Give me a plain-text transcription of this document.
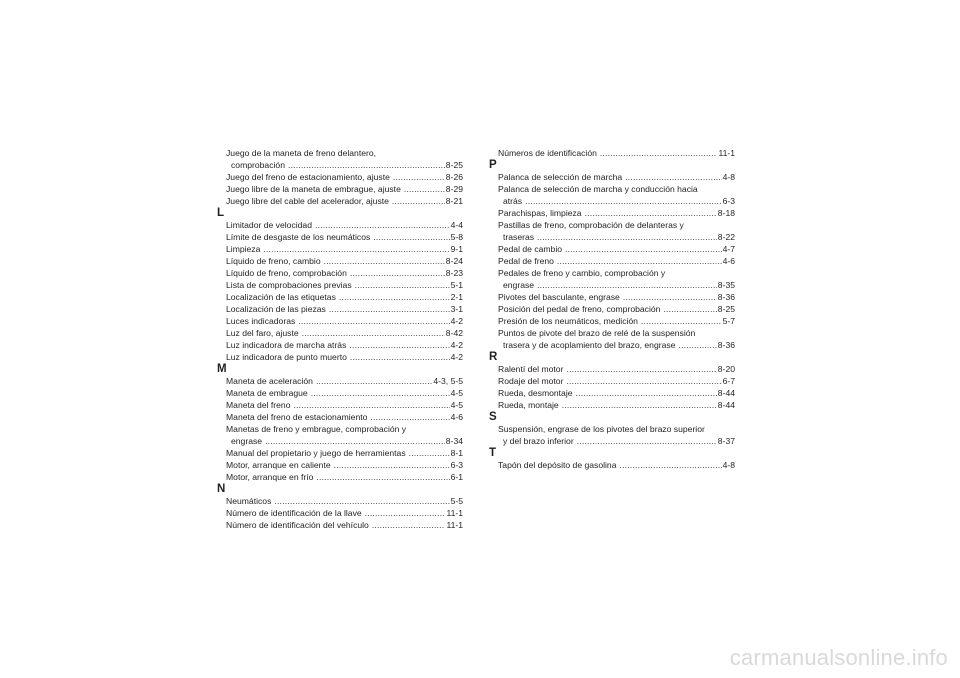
Juego de la maneta de freno delantero,
comprobación .....	8-25
Juego del freno de estacionamiento, ajuste .....	8-26
Juego libre de la maneta de embrague, ajuste .....	8-29
Juego libre del cable del acelerador, ajuste .....	8-21
L
Limitador de velocidad .....	4-4
Límite de desgaste de los neumáticos .....	5-8
Limpieza .....	9-1
Líquido de freno, cambio .....	8-24
Líquido de freno, comprobación .....	8-23
Lista de comprobaciones previas .....	5-1
Localización de las etiquetas .....	2-1
Localización de las piezas .....	3-1
Luces indicadoras .....	4-2
Luz del faro, ajuste .....	8-42
Luz indicadora de marcha atrás .....	4-2
Luz indicadora de punto muerto .....	4-2
M
Maneta de aceleración .....	4-3, 5-5
Maneta de embrague .....	4-5
Maneta del freno .....	4-5
Maneta del freno de estacionamiento .....	4-6
Manetas de freno y embrague, comprobación y
engrase .....	8-34
Manual del propietario y juego de herramientas .....	8-1
Motor, arranque en caliente .....	6-3
Motor, arranque en frío .....	6-1
N
Neumáticos .....	5-5
Número de identificación de la llave .....	11-1
Número de identificación del vehículo .....	11-1
Números de identificación .....	11-1
P
Palanca de selección de marcha .....	4-8
Palanca de selección de marcha y conducción hacia
atrás .....	6-3
Parachispas, limpieza .....	8-18
Pastillas de freno, comprobación de delanteras y
traseras .....	8-22
Pedal de cambio .....	4-7
Pedal de freno .....	4-6
Pedales de freno y cambio, comprobación y
engrase .....	8-35
Pivotes del basculante, engrase .....	8-36
Posición del pedal de freno, comprobación .....	8-25
Presión de los neumáticos, medición .....	5-7
Puntos de pivote del brazo de relé de la suspensión
trasera y de acoplamiento del brazo, engrase .....	8-36
R
Ralentí del motor .....	8-20
Rodaje del motor .....	6-7
Rueda, desmontaje .....	8-44
Rueda, montaje .....	8-44
S
Suspensión, engrase de los pivotes del brazo superior
y del brazo inferior .....	8-37
T
Tapón del depósito de gasolina .....	4-8
carmanualsonline.info
